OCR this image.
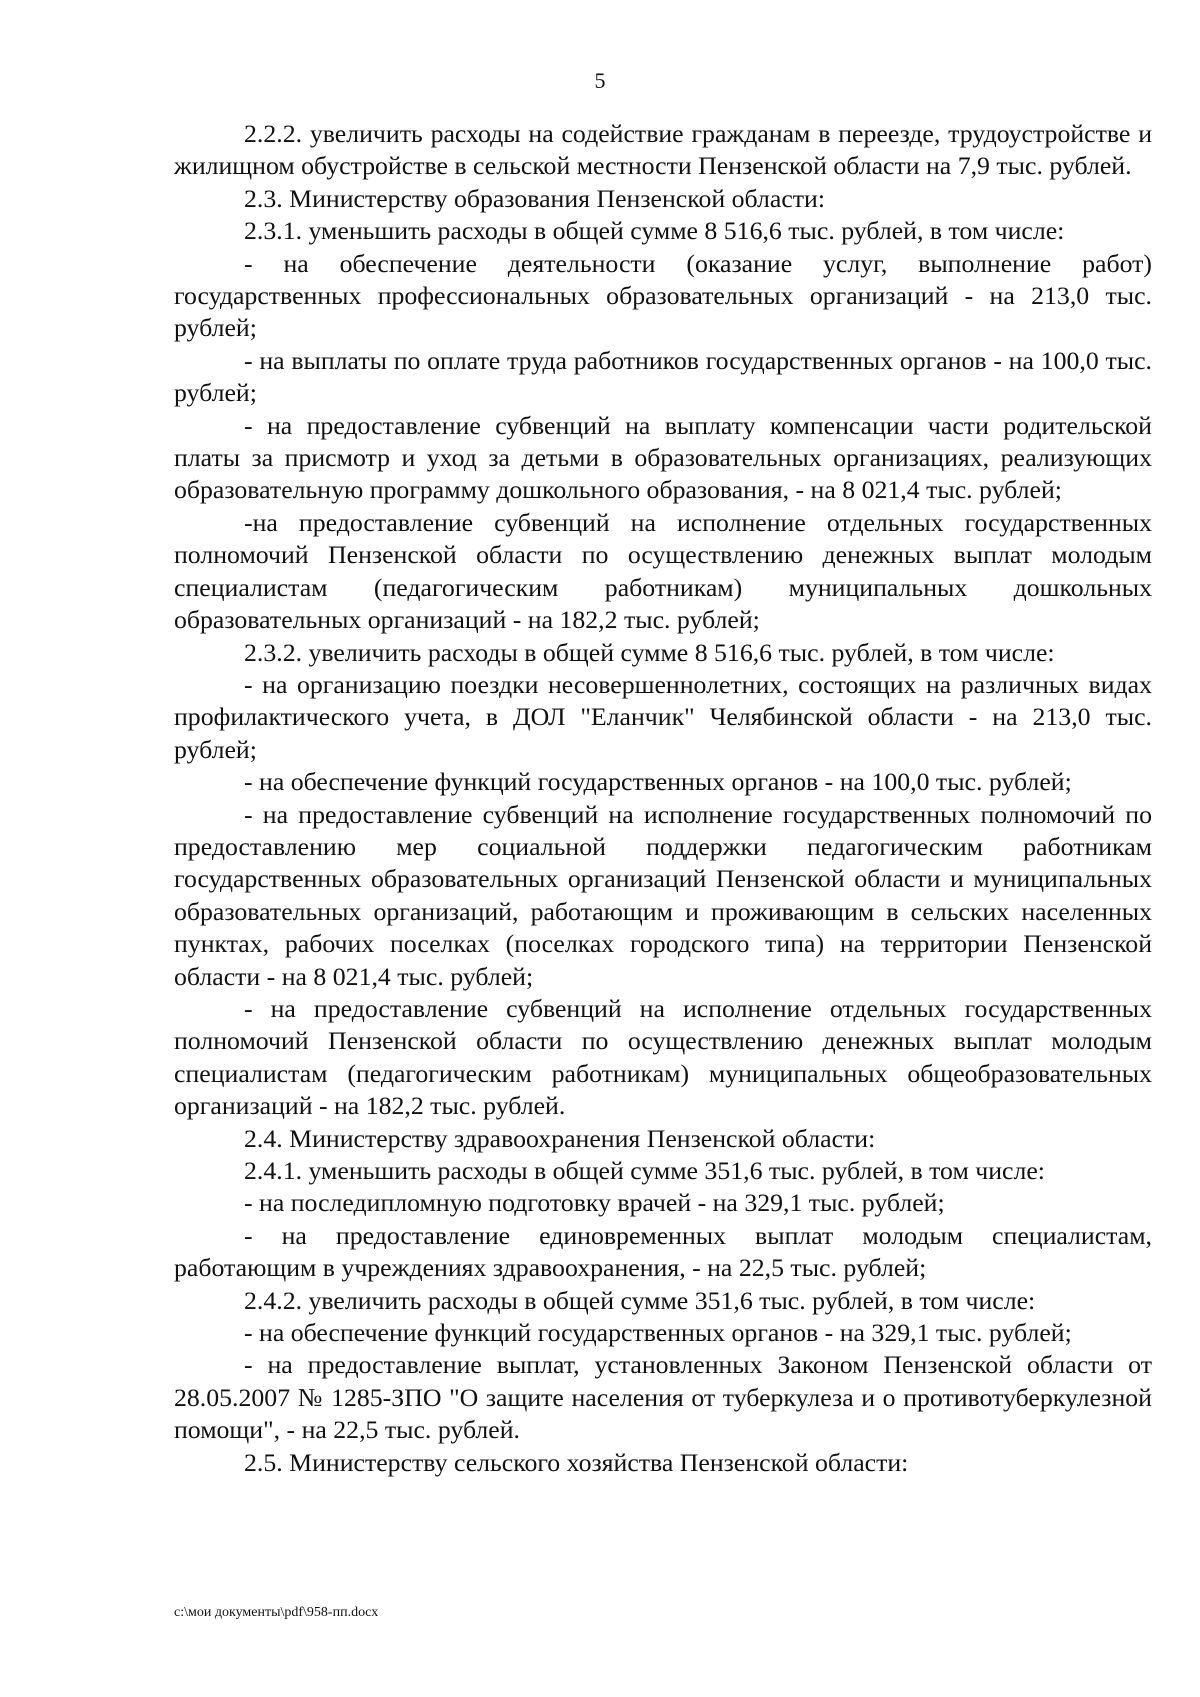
5

2.2.2. увеличить расходы на содействие гражданам в переезде, трудоустройстве и жилищном обустройстве в сельской местности Пензенской области на 7,9 тыс. рублей.

2.3. Министерству образования Пензенской области:

2.3.1. уменьшить расходы в общей сумме 8 516,6 тыс. рублей, в том числе:

- на обеспечение деятельности (оказание услуг, выполнение работ) государственных профессиональных образовательных организаций - на 213,0 тыс. рублей;

- на выплаты по оплате труда работников государственных органов - на 100,0 тыс. рублей;

- на предоставление субвенций на выплату компенсации части родительской платы за присмотр и уход за детьми в образовательных организациях, реализующих образовательную программу дошкольного образования, - на 8 021,4 тыс. рублей;

-на предоставление субвенций на исполнение отдельных государственных полномочий Пензенской области по осуществлению денежных выплат молодым специалистам (педагогическим работникам) муниципальных дошкольных образовательных организаций - на 182,2 тыс. рублей;

2.3.2. увеличить расходы в общей сумме 8 516,6 тыс. рублей, в том числе:

- на организацию поездки несовершеннолетних, состоящих на различных видах профилактического учета, в ДОЛ "Еланчик" Челябинской области - на 213,0 тыс. рублей;

- на обеспечение функций государственных органов - на 100,0 тыс. рублей;

- на предоставление субвенций на исполнение государственных полномочий по предоставлению мер социальной поддержки педагогическим работникам государственных образовательных организаций Пензенской области и муниципальных образовательных организаций, работающим и проживающим в сельских населенных пунктах, рабочих поселках (поселках городского типа) на территории Пензенской области - на 8 021,4 тыс. рублей;

- на предоставление субвенций на исполнение отдельных государственных полномочий Пензенской области по осуществлению денежных выплат молодым специалистам (педагогическим работникам) муниципальных общеобразовательных организаций - на 182,2 тыс. рублей.

2.4. Министерству здравоохранения Пензенской области:

2.4.1. уменьшить расходы в общей сумме 351,6 тыс. рублей, в том числе:

- на последипломную подготовку врачей - на 329,1 тыс. рублей;

- на предоставление единовременных выплат молодым специалистам, работающим в учреждениях здравоохранения, - на 22,5 тыс. рублей;

2.4.2. увеличить расходы в общей сумме 351,6 тыс. рублей, в том числе:

- на обеспечение функций государственных органов - на 329,1 тыс. рублей;

- на предоставление выплат, установленных Законом Пензенской области от 28.05.2007 № 1285-ЗПО "О защите населения от туберкулеза и о противотуберкулезной помощи", - на 22,5 тыс. рублей.

2.5. Министерству сельского хозяйства Пензенской области:

c:\мои документы\pdf\958-пп.docx
